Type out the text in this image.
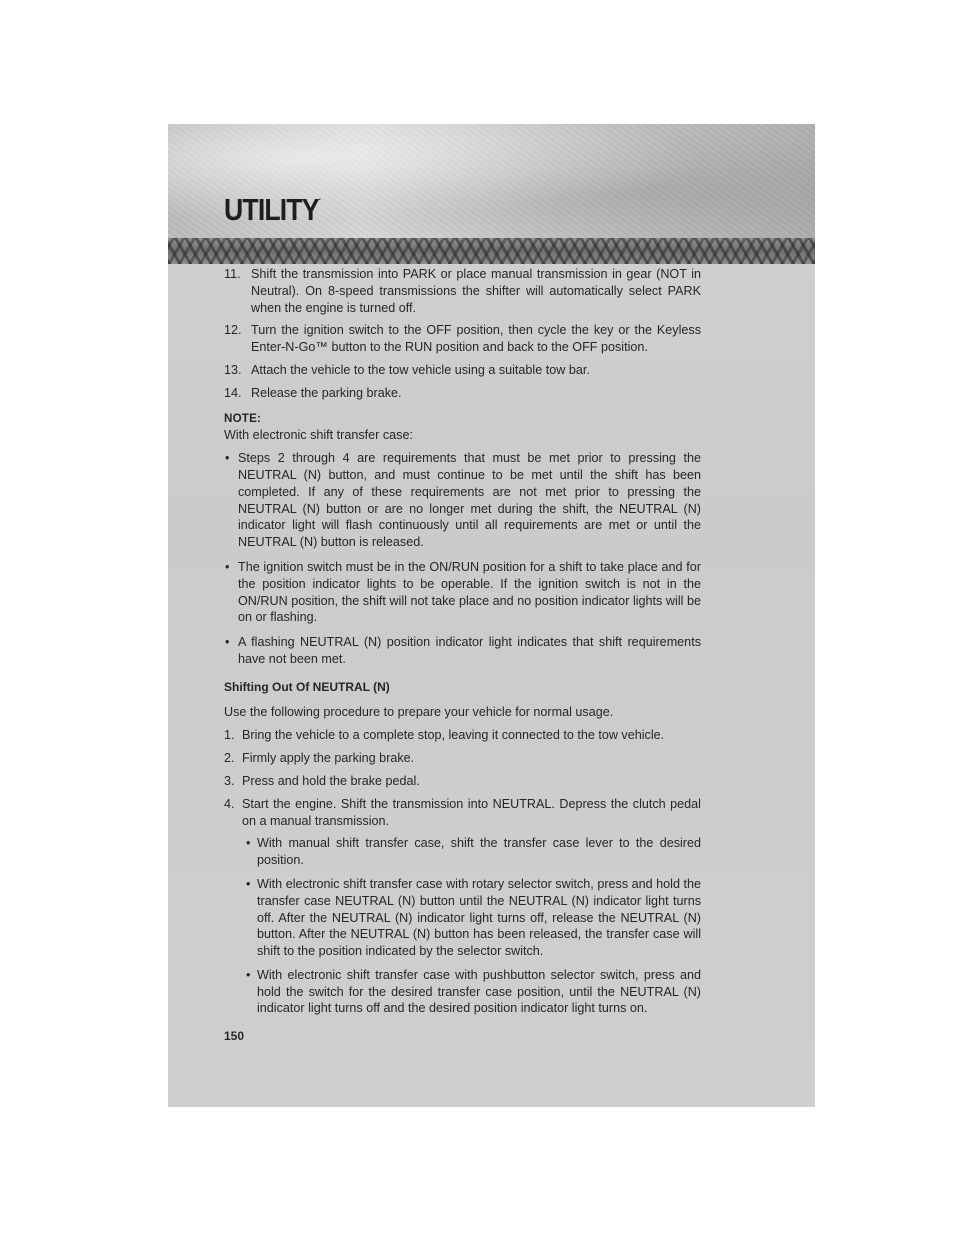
UTILITY.
11. Shift the transmission into PARK or place manual transmission in gear (NOT in Neutral). On 8-speed transmissions the shifter will automatically select PARK when the engine is turned off.
12. Turn the ignition switch to the OFF position, then cycle the key or the Keyless Enter-N-Go™ button to the RUN position and back to the OFF position.
13. Attach the vehicle to the tow vehicle using a suitable tow bar.
14. Release the parking brake.
NOTE:
With electronic shift transfer case:
• Steps 2 through 4 are requirements that must be met prior to pressing the NEUTRAL (N) button, and must continue to be met until the shift has been completed. If any of these requirements are not met prior to pressing the NEUTRAL (N) button or are no longer met during the shift, the NEUTRAL (N) indicator light will flash continuously until all requirements are met or until the NEUTRAL (N) button is released.
• The ignition switch must be in the ON/RUN position for a shift to take place and for the position indicator lights to be operable. If the ignition switch is not in the ON/RUN position, the shift will not take place and no position indicator lights will be on or flashing.
• A flashing NEUTRAL (N) position indicator light indicates that shift requirements have not been met.
Shifting Out Of NEUTRAL (N)
Use the following procedure to prepare your vehicle for normal usage.
1. Bring the vehicle to a complete stop, leaving it connected to the tow vehicle.
2. Firmly apply the parking brake.
3. Press and hold the brake pedal.
4. Start the engine. Shift the transmission into NEUTRAL. Depress the clutch pedal on a manual transmission.
• With manual shift transfer case, shift the transfer case lever to the desired position.
• With electronic shift transfer case with rotary selector switch, press and hold the transfer case NEUTRAL (N) button until the NEUTRAL (N) indicator light turns off. After the NEUTRAL (N) indicator light turns off, release the NEUTRAL (N) button. After the NEUTRAL (N) button has been released, the transfer case will shift to the position indicated by the selector switch.
• With electronic shift transfer case with pushbutton selector switch, press and hold the switch for the desired transfer case position, until the NEUTRAL (N) indicator light turns off and the desired position indicator light turns on.
150
